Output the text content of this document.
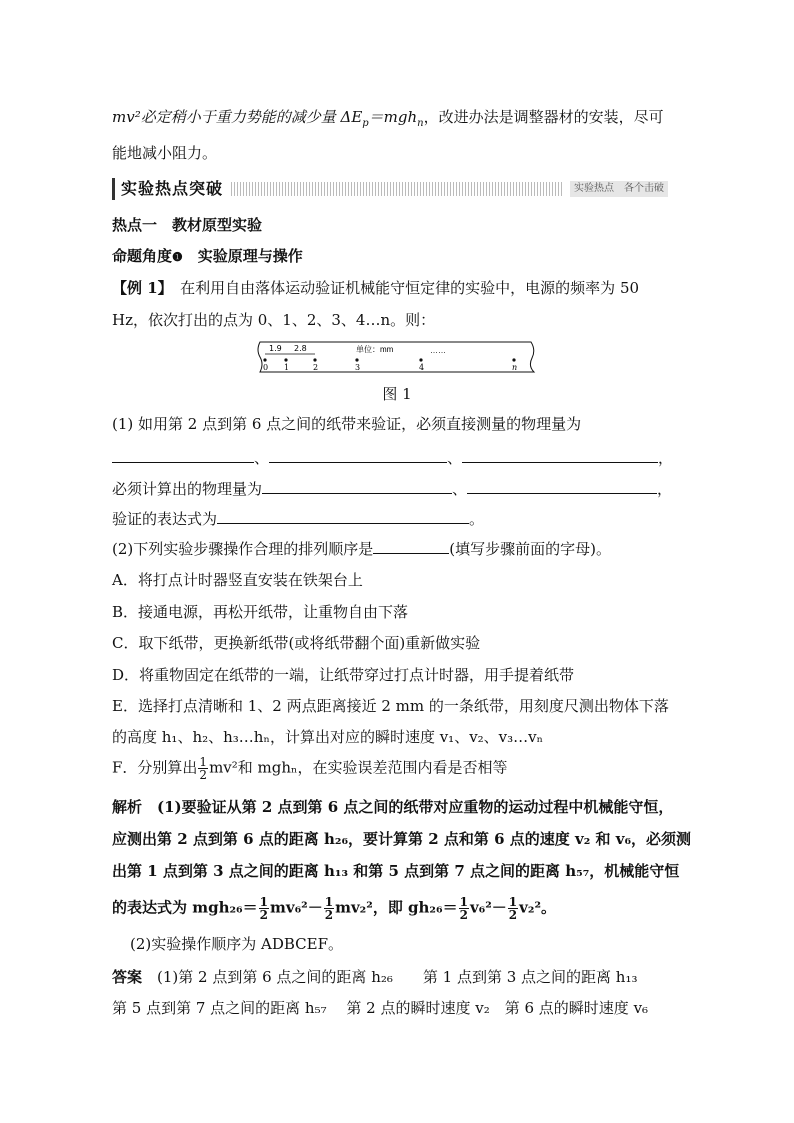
mv²必定稍小于重力势能的减少量 $\Delta E_p=mgh_n$，改进办法是调整器材的安装，尽可
能地减小阻力。
实验热点突破	实验热点　各个击破
热点一　教材原型实验
命题角度❶　实验原理与操作
【例 1】　在利用自由落体运动验证机械能守恒定律的实验中，电源的频率为 50
Hz，依次打出的点为 0、1、2、3、4…n。则：
1.9 2.8	单位：mm	……
0 1	2	3	4	n
图 1
(1) 如用第 2 点到第 6 点之间的纸带来验证，必须直接测量的物理量为
、	、	，
必须计算出的物理量为	、	，
验证的表达式为	。
(2)下列实验步骤操作合理的排列顺序是	(填写步骤前面的字母)。
A．将打点计时器竖直安装在铁架台上
B．接通电源，再松开纸带，让重物自由下落
C．取下纸带，更换新纸带(或将纸带翻个面)重新做实验
D．将重物固定在纸带的一端，让纸带穿过打点计时器，用手提着纸带
E．选择打点清晰和 1、2 两点距离接近 2 mm 的一条纸带，用刻度尺测出物体下落
的高度 h₁、h₂、h₃…hₙ，计算出对应的瞬时速度 v₁、v₂、v₃…vₙ
F．分别算出 $\frac{1}{2} mv^2$和 mghₙ，在实验误差范围内看是否相等
解析　(1)要验证从第 2 点到第 6 点之间的纸带对应重物的运动过程中机械能守恒，
应测出第 2 点到第 6 点的距离 h₂₆，要计算第 2 点和第 6 点的速度 v₂ 和 v₆，必须测
出第 1 点到第 3 点之间的距离 h₁₃ 和第 5 点到第 7 点之间的距离 h₅₇，机械能守恒
的表达式为 $mgh_{26}= \frac{1}{2} mv_6^2- \frac{1}{2} mv_2^2$，即 $gh_{26}= \frac{1}{2} v_6^2- \frac{1}{2} v_2^2$。
(2)实验操作顺序为 ADBCEF。
答案　(1)第 2 点到第 6 点之间的距离 h₂₆　　第 1 点到第 3 点之间的距离 h₁₃
第 5 点到第 7 点之间的距离 h₅₇　 第 2 点的瞬时速度 v₂　第 6 点的瞬时速度 v₆
